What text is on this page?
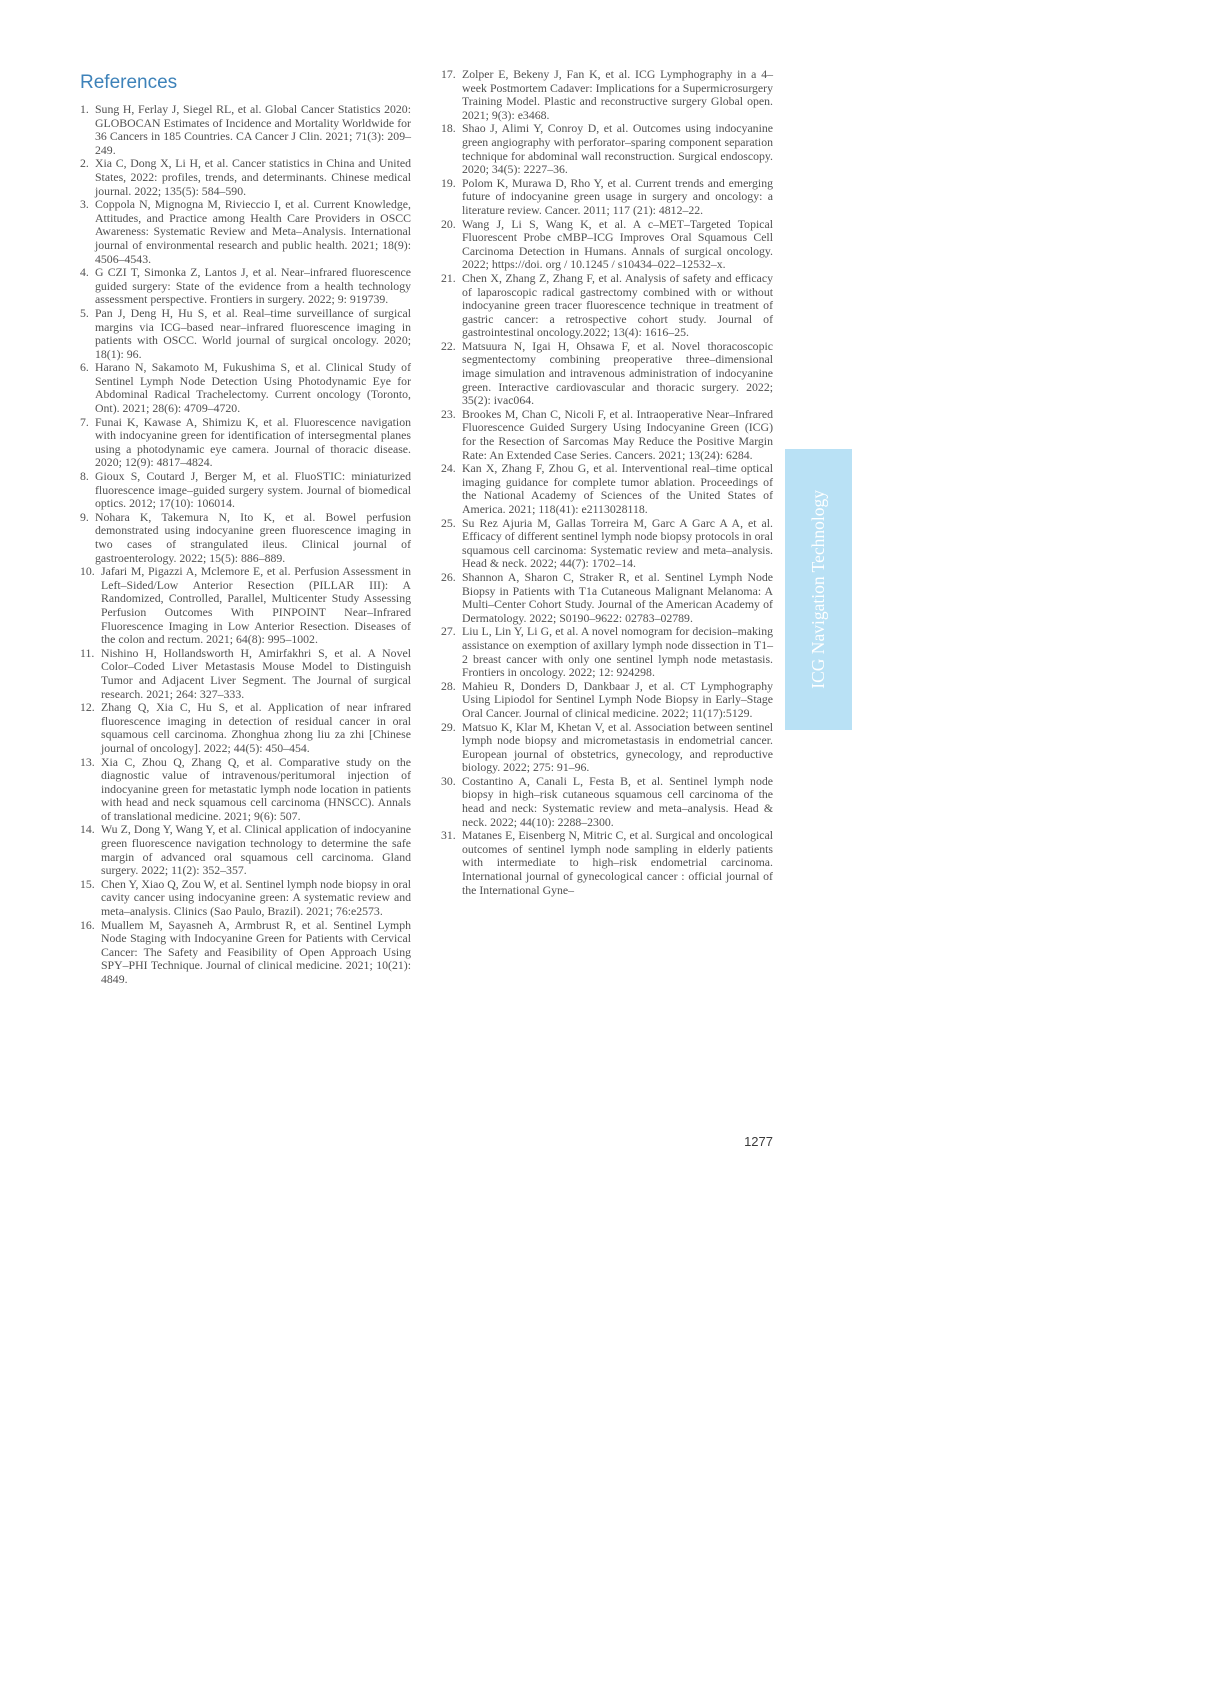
References
1. Sung H, Ferlay J, Siegel RL, et al. Global Cancer Statistics 2020: GLOBOCAN Estimates of Incidence and Mortality Worldwide for 36 Cancers in 185 Countries. CA Cancer J Clin. 2021; 71(3): 209–249.
2. Xia C, Dong X, Li H, et al. Cancer statistics in China and United States, 2022: profiles, trends, and determinants. Chinese medical journal. 2022; 135(5): 584–590.
3. Coppola N, Mignogna M, Rivieccio I, et al. Current Knowledge, Attitudes, and Practice among Health Care Providers in OSCC Awareness: Systematic Review and Meta–Analysis. International journal of environmental research and public health. 2021; 18(9): 4506–4543.
4. G CZI T, Simonka Z, Lantos J, et al. Near–infrared fluorescence guided surgery: State of the evidence from a health technology assessment perspective. Frontiers in surgery. 2022; 9: 919739.
5. Pan J, Deng H, Hu S, et al. Real–time surveillance of surgical margins via ICG–based near–infrared fluorescence imaging in patients with OSCC. World journal of surgical oncology. 2020; 18(1): 96.
6. Harano N, Sakamoto M, Fukushima S, et al. Clinical Study of Sentinel Lymph Node Detection Using Photodynamic Eye for Abdominal Radical Trachelectomy. Current oncology (Toronto, Ont). 2021; 28(6): 4709–4720.
7. Funai K, Kawase A, Shimizu K, et al. Fluorescence navigation with indocyanine green for identification of intersegmental planes using a photodynamic eye camera. Journal of thoracic disease. 2020; 12(9): 4817–4824.
8. Gioux S, Coutard J, Berger M, et al. FluoSTIC: miniaturized fluorescence image–guided surgery system. Journal of biomedical optics. 2012; 17(10): 106014.
9. Nohara K, Takemura N, Ito K, et al. Bowel perfusion demonstrated using indocyanine green fluorescence imaging in two cases of strangulated ileus. Clinical journal of gastroenterology. 2022; 15(5): 886–889.
10. Jafari M, Pigazzi A, Mclemore E, et al. Perfusion Assessment in Left–Sided/Low Anterior Resection (PILLAR III): A Randomized, Controlled, Parallel, Multicenter Study Assessing Perfusion Outcomes With PINPOINT Near–Infrared Fluorescence Imaging in Low Anterior Resection. Diseases of the colon and rectum. 2021; 64(8): 995–1002.
11. Nishino H, Hollandsworth H, Amirfakhri S, et al. A Novel Color–Coded Liver Metastasis Mouse Model to Distinguish Tumor and Adjacent Liver Segment. The Journal of surgical research. 2021; 264: 327–333.
12. Zhang Q, Xia C, Hu S, et al. Application of near infrared fluorescence imaging in detection of residual cancer in oral squamous cell carcinoma. Zhonghua zhong liu za zhi [Chinese journal of oncology]. 2022; 44(5): 450–454.
13. Xia C, Zhou Q, Zhang Q, et al. Comparative study on the diagnostic value of intravenous/peritumoral injection of indocyanine green for metastatic lymph node location in patients with head and neck squamous cell carcinoma (HNSCC). Annals of translational medicine. 2021; 9(6): 507.
14. Wu Z, Dong Y, Wang Y, et al. Clinical application of indocyanine green fluorescence navigation technology to determine the safe margin of advanced oral squamous cell carcinoma. Gland surgery. 2022; 11(2): 352–357.
15. Chen Y, Xiao Q, Zou W, et al. Sentinel lymph node biopsy in oral cavity cancer using indocyanine green: A systematic review and meta–analysis. Clinics (Sao Paulo, Brazil). 2021; 76:e2573.
16. Muallem M, Sayasneh A, Armbrust R, et al. Sentinel Lymph Node Staging with Indocyanine Green for Patients with Cervical Cancer: The Safety and Feasibility of Open Approach Using SPY–PHI Technique. Journal of clinical medicine. 2021; 10(21): 4849.
17. Zolper E, Bekeny J, Fan K, et al. ICG Lymphography in a 4–week Postmortem Cadaver: Implications for a Supermicrosurgery Training Model. Plastic and reconstructive surgery Global open. 2021; 9(3): e3468.
18. Shao J, Alimi Y, Conroy D, et al. Outcomes using indocyanine green angiography with perforator–sparing component separation technique for abdominal wall reconstruction. Surgical endoscopy. 2020; 34(5): 2227–36.
19. Polom K, Murawa D, Rho Y, et al. Current trends and emerging future of indocyanine green usage in surgery and oncology: a literature review. Cancer. 2011; 117 (21): 4812–22.
20. Wang J, Li S, Wang K, et al. A c–MET–Targeted Topical Fluorescent Probe cMBP–ICG Improves Oral Squamous Cell Carcinoma Detection in Humans. Annals of surgical oncology. 2022; https://doi. org / 10.1245 / s10434–022–12532–x.
21. Chen X, Zhang Z, Zhang F, et al. Analysis of safety and efficacy of laparoscopic radical gastrectomy combined with or without indocyanine green tracer fluorescence technique in treatment of gastric cancer: a retrospective cohort study. Journal of gastrointestinal oncology.2022; 13(4): 1616–25.
22. Matsuura N, Igai H, Ohsawa F, et al. Novel thoracoscopic segmentectomy combining preoperative three–dimensional image simulation and intravenous administration of indocyanine green. Interactive cardiovascular and thoracic surgery. 2022; 35(2): ivac064.
23. Brookes M, Chan C, Nicoli F, et al. Intraoperative Near–Infrared Fluorescence Guided Surgery Using Indocyanine Green (ICG) for the Resection of Sarcomas May Reduce the Positive Margin Rate: An Extended Case Series. Cancers. 2021; 13(24): 6284.
24. Kan X, Zhang F, Zhou G, et al. Interventional real–time optical imaging guidance for complete tumor ablation. Proceedings of the National Academy of Sciences of the United States of America. 2021; 118(41): e2113028118.
25. Su Rez Ajuria M, Gallas Torreira M, Garc A Garc A A, et al. Efficacy of different sentinel lymph node biopsy protocols in oral squamous cell carcinoma: Systematic review and meta–analysis. Head & neck. 2022; 44(7): 1702–14.
26. Shannon A, Sharon C, Straker R, et al. Sentinel Lymph Node Biopsy in Patients with T1a Cutaneous Malignant Melanoma: A Multi–Center Cohort Study. Journal of the American Academy of Dermatology. 2022; S0190–9622: 02783–02789.
27. Liu L, Lin Y, Li G, et al. A novel nomogram for decision–making assistance on exemption of axillary lymph node dissection in T1–2 breast cancer with only one sentinel lymph node metastasis. Frontiers in oncology. 2022; 12: 924298.
28. Mahieu R, Donders D, Dankbaar J, et al. CT Lymphography Using Lipiodol for Sentinel Lymph Node Biopsy in Early–Stage Oral Cancer. Journal of clinical medicine. 2022; 11(17):5129.
29. Matsuo K, Klar M, Khetan V, et al. Association between sentinel lymph node biopsy and micrometastasis in endometrial cancer. European journal of obstetrics, gynecology, and reproductive biology. 2022; 275: 91–96.
30. Costantino A, Canali L, Festa B, et al. Sentinel lymph node biopsy in high–risk cutaneous squamous cell carcinoma of the head and neck: Systematic review and meta–analysis. Head & neck. 2022; 44(10): 2288–2300.
31. Matanes E, Eisenberg N, Mitric C, et al. Surgical and oncological outcomes of sentinel lymph node sampling in elderly patients with intermediate to high–risk endometrial carcinoma. International journal of gynecological cancer : official journal of the International Gyne–
ICG Navigation Technology
1277
